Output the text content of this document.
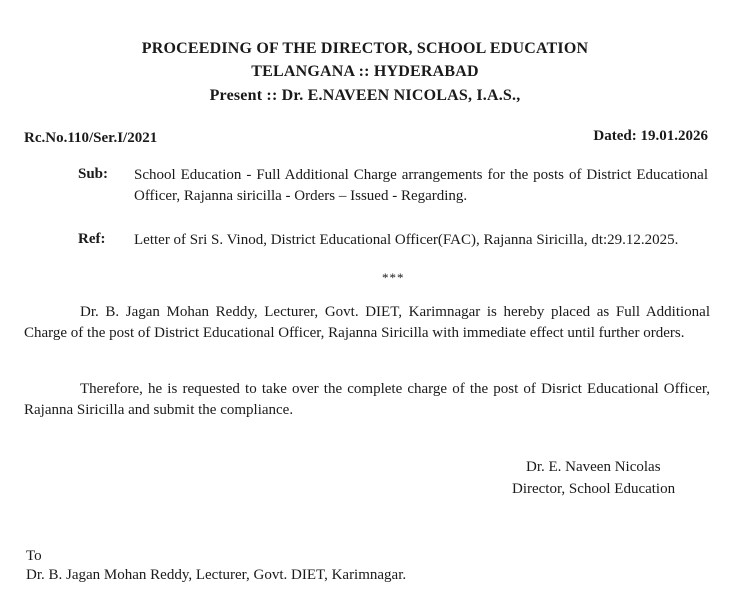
PROCEEDING OF THE DIRECTOR, SCHOOL EDUCATION
TELANGANA :: HYDERABAD
Present :: Dr. E.NAVEEN NICOLAS, I.A.S.,
Rc.No.110/Ser.I/2021	Dated: 19.01.2026
Sub: School Education - Full Additional Charge arrangements for the posts of District Educational Officer, Rajanna siricilla - Orders – Issued - Regarding.
Ref: Letter of Sri S. Vinod, District Educational Officer(FAC), Rajanna Siricilla, dt:29.12.2025.
***
Dr. B. Jagan Mohan Reddy, Lecturer, Govt. DIET, Karimnagar is hereby placed as Full Additional Charge of the post of District Educational Officer, Rajanna Siricilla with immediate effect until further orders.
Therefore, he is requested to take over the complete charge of the post of Disrict Educational Officer, Rajanna Siricilla and submit the compliance.
Dr. E. Naveen Nicolas
Director, School Education
To
Dr. B. Jagan Mohan Reddy, Lecturer, Govt. DIET, Karimnagar.
